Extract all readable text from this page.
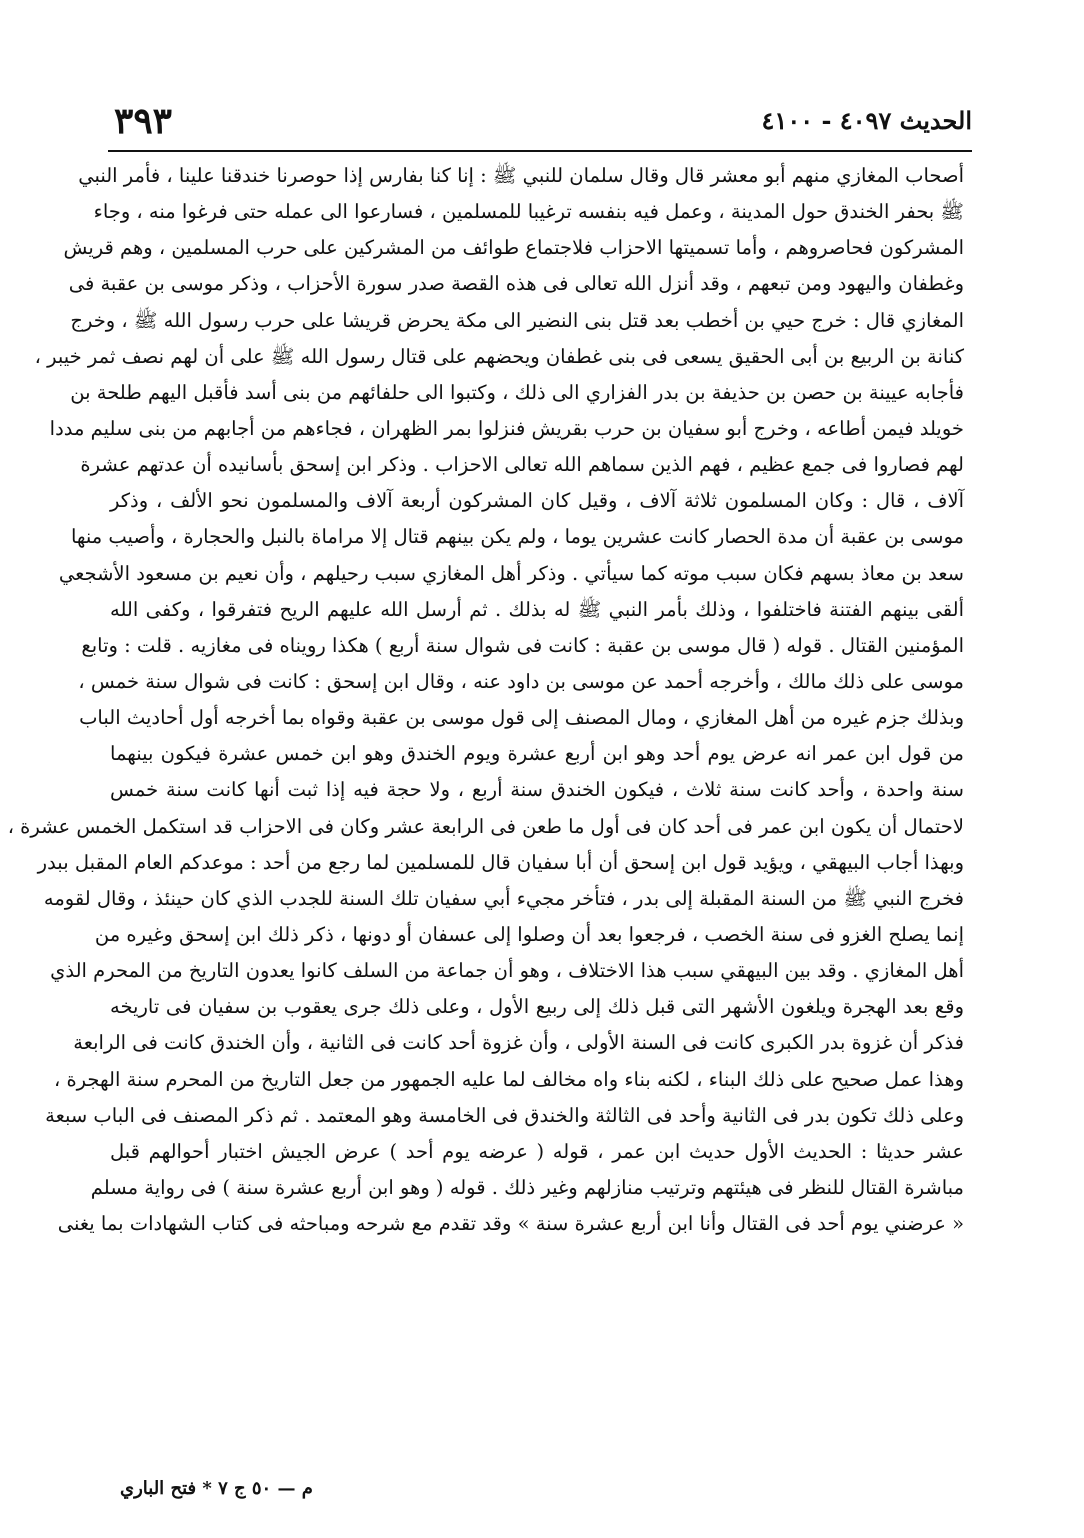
الحديث ٤٠٩٧ - ٤١٠٠
٣٩٣
أصحاب المغازي منهم أبو معشر قال وقال سلمان للنبي ﷺ : إنا كنا بفارس إذا حوصرنا خندقنا علينا ، فأمر النبي
ﷺ بحفر الخندق حول المدينة ، وعمل فيه بنفسه ترغيبا للمسلمين ، فسارعوا الى عمله حتى فرغوا منه ، وجاء
المشركون فحاصروهم ، وأما تسميتها الاحزاب فلاجتماع طوائف من المشركين على حرب المسلمين ، وهم قريش
وغطفان واليهود ومن تبعهم ، وقد أنزل الله تعالى فى هذه القصة صدر سورة الأحزاب ، وذكر موسى بن عقبة فى
المغازي قال : خرج حيي بن أخطب بعد قتل بنى النضير الى مكة يحرض قريشا على حرب رسول الله ﷺ ، وخرج
كنانة بن الربيع بن أبى الحقيق يسعى فى بنى غطفان ويحضهم على قتال رسول الله ﷺ على أن لهم نصف ثمر خيبر ،
فأجابه عيينة بن حصن بن حذيفة بن بدر الفزاري الى ذلك ، وكتبوا الى حلفائهم من بنى أسد فأقبل اليهم طلحة بن
خويلد فيمن أطاعه ، وخرج أبو سفيان بن حرب بقريش فنزلوا بمر الظهران ، فجاءهم من أجابهم من بنى سليم مددا
لهم فصاروا فى جمع عظيم ، فهم الذين سماهم الله تعالى الاحزاب . وذكر ابن إسحق بأسانيده أن عدتهم عشرة
آلاف ، قال : وكان المسلمون ثلاثة آلاف ، وقيل كان المشركون أربعة آلاف والمسلمون نحو الألف ، وذكر
موسى بن عقبة أن مدة الحصار كانت عشرين يوما ، ولم يكن بينهم قتال إلا مراماة بالنبل والحجارة ، وأصيب منها
سعد بن معاذ بسهم فكان سبب موته كما سيأتي . وذكر أهل المغازي سبب رحيلهم ، وأن نعيم بن مسعود الأشجعي
ألقى بينهم الفتنة فاختلفوا ، وذلك بأمر النبي ﷺ له بذلك . ثم أرسل الله عليهم الريح فتفرقوا ، وكفى الله
المؤمنين القتال . قوله ( قال موسى بن عقبة : كانت فى شوال سنة أربع ) هكذا رويناه فى مغازيه . قلت : وتابع
موسى على ذلك مالك ، وأخرجه أحمد عن موسى بن داود عنه ، وقال ابن إسحق : كانت فى شوال سنة خمس ،
وبذلك جزم غيره من أهل المغازي ، ومال المصنف إلى قول موسى بن عقبة وقواه بما أخرجه أول أحاديث الباب
من قول ابن عمر انه عرض يوم أحد وهو ابن أربع عشرة ويوم الخندق وهو ابن خمس عشرة فيكون بينهما
سنة واحدة ، وأحد كانت سنة ثلاث ، فيكون الخندق سنة أربع ، ولا حجة فيه إذا ثبت أنها كانت سنة خمس
لاحتمال أن يكون ابن عمر فى أحد كان فى أول ما طعن فى الرابعة عشر وكان فى الاحزاب قد استكمل الخمس عشرة ،
وبهذا أجاب البيهقي ، ويؤيد قول ابن إسحق أن أبا سفيان قال للمسلمين لما رجع من أحد : موعدكم العام المقبل ببدر
فخرج النبي ﷺ من السنة المقبلة إلى بدر ، فتأخر مجيء أبي سفيان تلك السنة للجدب الذي كان حينئذ ، وقال لقومه
إنما يصلح الغزو فى سنة الخصب ، فرجعوا بعد أن وصلوا إلى عسفان أو دونها ، ذكر ذلك ابن إسحق وغيره من
أهل المغازي . وقد بين البيهقي سبب هذا الاختلاف ، وهو أن جماعة من السلف كانوا يعدون التاريخ من المحرم الذي
وقع بعد الهجرة ويلغون الأشهر التى قبل ذلك إلى ربيع الأول ، وعلى ذلك جرى يعقوب بن سفيان فى تاريخه
فذكر أن غزوة بدر الكبرى كانت فى السنة الأولى ، وأن غزوة أحد كانت فى الثانية ، وأن الخندق كانت فى الرابعة
وهذا عمل صحيح على ذلك البناء ، لكنه بناء واه مخالف لما عليه الجمهور من جعل التاريخ من المحرم سنة الهجرة ،
وعلى ذلك تكون بدر فى الثانية وأحد فى الثالثة والخندق فى الخامسة وهو المعتمد . ثم ذكر المصنف فى الباب سبعة
عشر حديثا : الحديث الأول حديث ابن عمر ، قوله ( عرضه يوم أحد ) عرض الجيش اختبار أحوالهم قبل
مباشرة القتال للنظر فى هيئتهم وترتيب منازلهم وغير ذلك . قوله ( وهو ابن أربع عشرة سنة ) فى رواية مسلم
« عرضني يوم أحد فى القتال وأنا ابن أربع عشرة سنة » وقد تقدم مع شرحه ومباحثه فى كتاب الشهادات بما يغنى
م — ٥٠ ج ٧ * فتح الباري
